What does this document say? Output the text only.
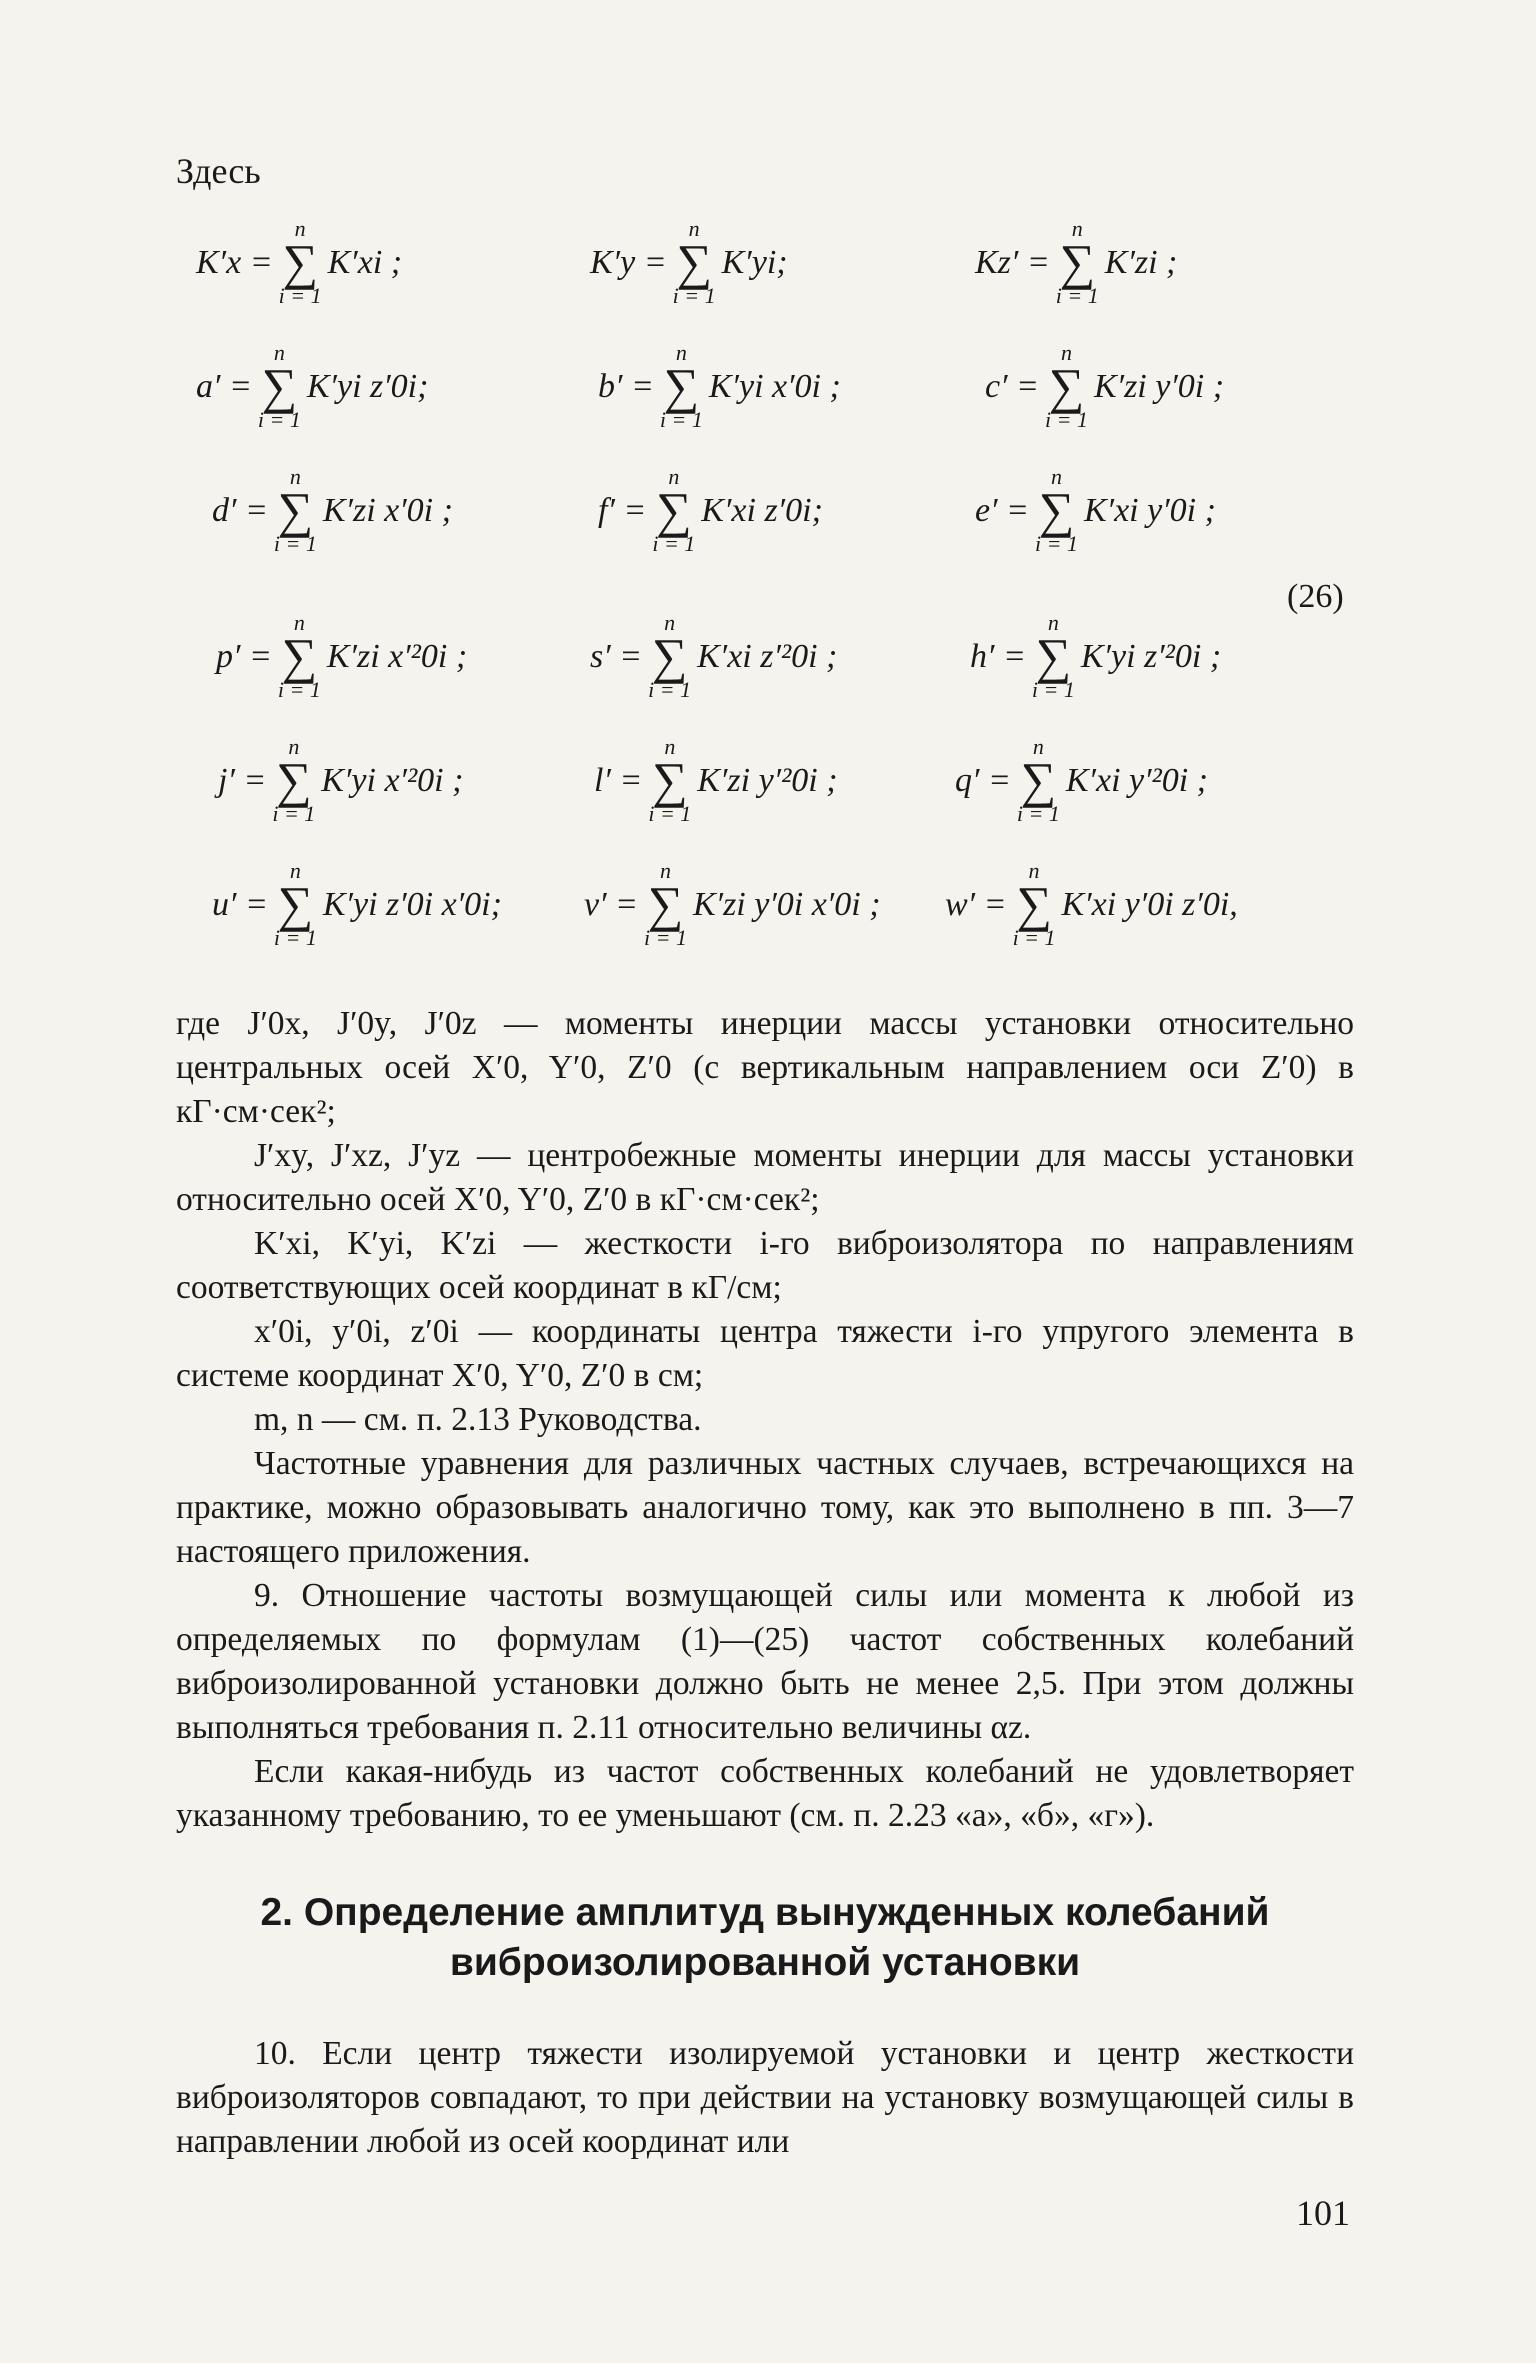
Здесь
K′x =
n
∑
i = 1
K′xi ;	K′y =
n
∑
i = 1
K′yi;	Kz′ =
n
∑
i = 1
K′zi ;
a′ =
n
∑
i = 1
K′yi z′0i;	b′ =
n
∑
i = 1
K′yi x′0i ;	c′ =
n
∑
i = 1
K′zi y′0i ;
d′ =
n
∑
i = 1
K′zi x′0i ;	f′ =
n
∑
i = 1
K′xi z′0i;	e′ =
n
∑
i = 1
K′xi y′0i ;
(26)
p′ =
n
∑
i = 1
K′zi x′²0i ;	s′ =
n
∑
i = 1
K′xi z′²0i ;	h′ =
n
∑
i = 1
K′yi z′²0i ;
j′ =
n
∑
i = 1
K′yi x′²0i ;	l′ =
n
∑
i = 1
K′zi y′²0i ;	q′ =
n
∑
i = 1
K′xi y′²0i ;
u′ =
n
∑
i = 1
K′yi z′0i x′0i; v′ =
n
∑
i = 1
K′zi y′0i x′0i ; w′ =
n
∑
i = 1
K′xi y′0i z′0i,

где J′0x, J′0y, J′0z — моменты инерции массы установки относительно центральных осей X′0, Y′0, Z′0 (с вертикальным направлением оси Z′0) в кГ·см·сек²;

J′xy, J′xz, J′yz — центробежные моменты инерции для массы установки относительно осей X′0, Y′0, Z′0 в кГ·см·сек²;

K′xi, K′yi, K′zi — жесткости i-го виброизолятора по направлениям соответствующих осей координат в кГ/см;

x′0i, y′0i, z′0i — координаты центра тяжести i-го упругого элемента в системе координат X′0, Y′0, Z′0 в см;

m, n — см. п. 2.13 Руководства.

Частотные уравнения для различных частных случаев, встречающихся на практике, можно образовывать аналогично тому, как это выполнено в пп. 3—7 настоящего приложения.

9. Отношение частоты возмущающей силы или момента к любой из определяемых по формулам (1)—(25) частот собственных колебаний виброизолированной установки должно быть не менее 2,5. При этом должны выполняться требования п. 2.11 относительно величины αz.

Если какая-нибудь из частот собственных колебаний не удовлетворяет указанному требованию, то ее уменьшают (см. п. 2.23 «а», «б», «г»).

2. Определение амплитуд вынужденных колебаний виброизолированной установки

10. Если центр тяжести изолируемой установки и центр жесткости виброизоляторов совпадают, то при действии на установку возмущающей силы в направлении любой из осей координат или

101
